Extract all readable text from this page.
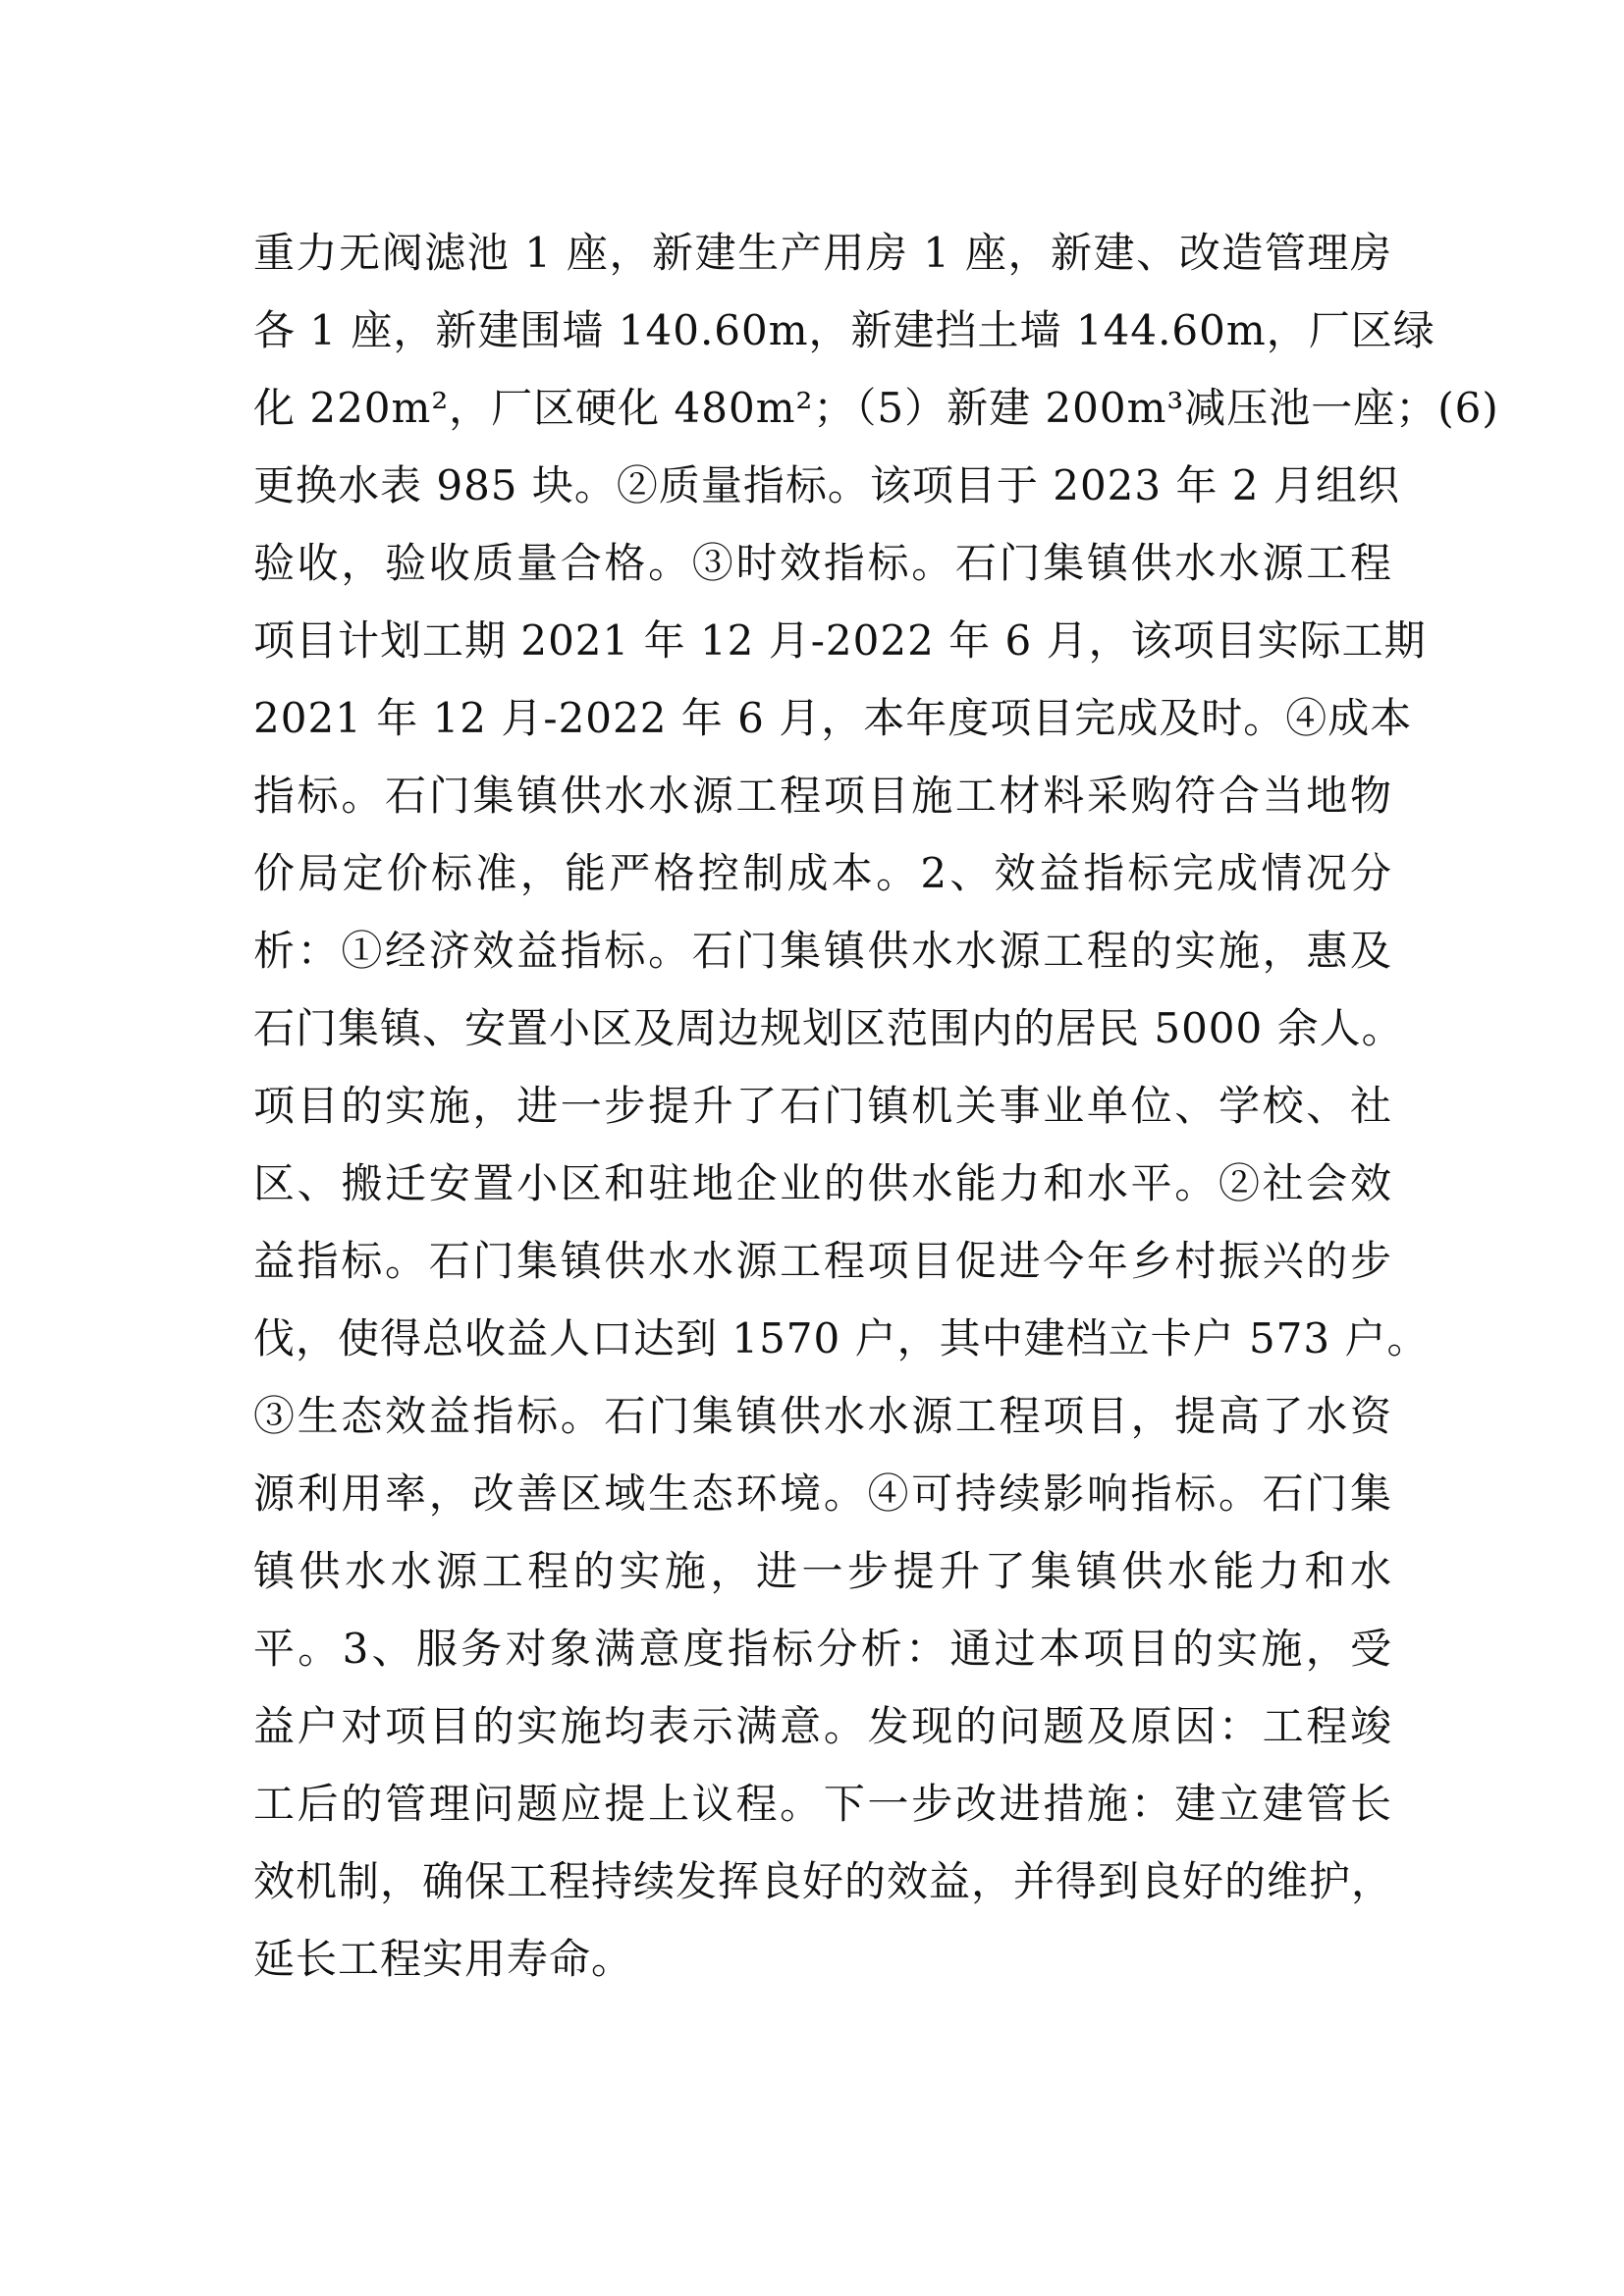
重力无阀滤池 1 座，新建生产用房 1 座，新建、改造管理房
各 1 座，新建围墙 140.60m，新建挡土墙 144.60m，厂区绿
化 220m²，厂区硬化 480m²；（5）新建 200m³减压池一座；(6)
更换水表 985 块。②质量指标。该项目于 2023 年 2 月组织
验收，验收质量合格。③时效指标。石门集镇供水水源工程
项目计划工期 2021 年 12 月-2022 年 6 月，该项目实际工期
2021 年 12 月-2022 年 6 月，本年度项目完成及时。④成本
指标。石门集镇供水水源工程项目施工材料采购符合当地物
价局定价标准，能严格控制成本。2、效益指标完成情况分
析：①经济效益指标。石门集镇供水水源工程的实施，惠及
石门集镇、安置小区及周边规划区范围内的居民 5000 余人。
项目的实施，进一步提升了石门镇机关事业单位、学校、社
区、搬迁安置小区和驻地企业的供水能力和水平。②社会效
益指标。石门集镇供水水源工程项目促进今年乡村振兴的步
伐，使得总收益人口达到 1570 户，其中建档立卡户 573 户。
③生态效益指标。石门集镇供水水源工程项目，提高了水资
源利用率，改善区域生态环境。④可持续影响指标。石门集
镇供水水源工程的实施，进一步提升了集镇供水能力和水
平。3、服务对象满意度指标分析：通过本项目的实施，受
益户对项目的实施均表示满意。发现的问题及原因：工程竣
工后的管理问题应提上议程。下一步改进措施：建立建管长
效机制，确保工程持续发挥良好的效益，并得到良好的维护，
延长工程实用寿命。
